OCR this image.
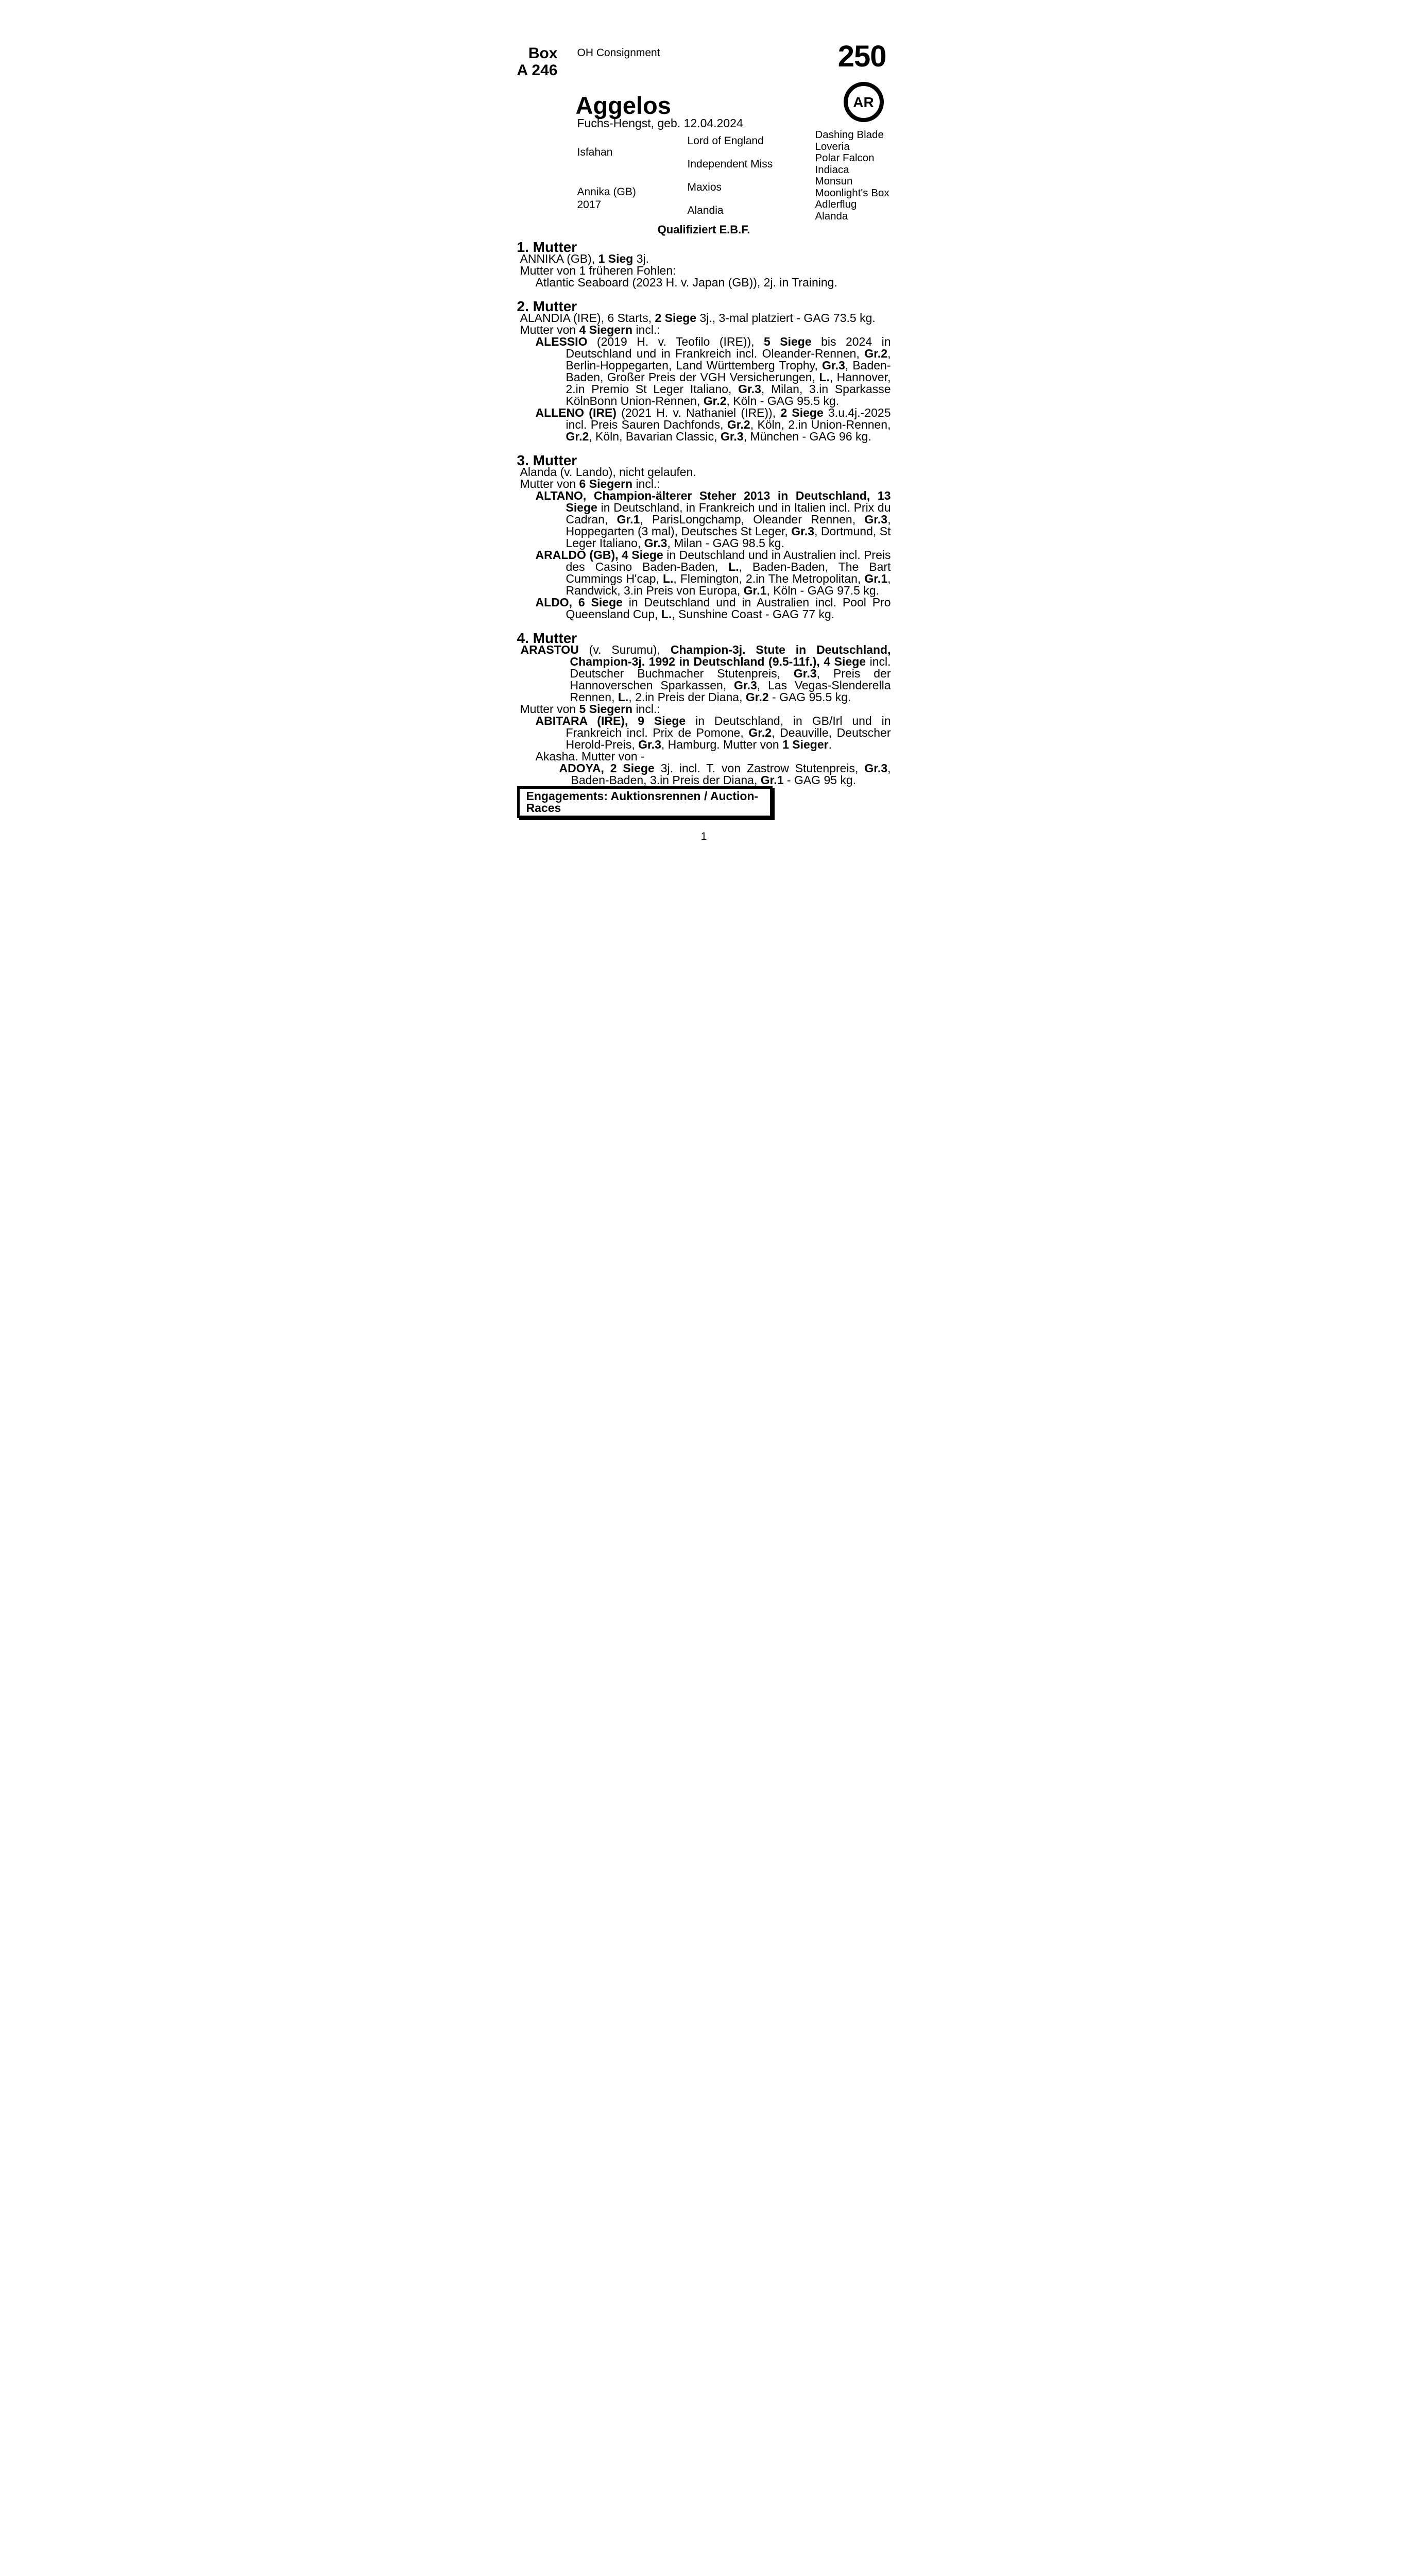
Box
A 246
OH Consignment	250
AR
Aggelos
Fuchs-Hengst, geb. 12.04.2024
Isfahan
Annika (GB)
2017
Lord of England
Independent Miss
Maxios
Alandia
Dashing Blade
Loveria
Polar Falcon
Indiaca
Monsun
Moonlight's Box
Adlerflug
Alanda
Qualifiziert E.B.F.

1. Mutter

ANNIKA (GB), 1 Sieg 3j.

Mutter von 1 früheren Fohlen:

Atlantic Seaboard (2023 H. v. Japan (GB)), 2j. in Training.

2. Mutter

ALANDIA (IRE), 6 Starts, 2 Siege 3j., 3-mal platziert - GAG 73.5 kg.

Mutter von 4 Siegern incl.:

ALESSIO (2019 H. v. Teofilo (IRE)), 5 Siege bis 2024 in Deutschland und in Frankreich incl. Oleander-Rennen, Gr.2, Berlin-Hoppegarten, Land Württemberg Trophy, Gr.3, Baden-Baden, Großer Preis der VGH Versicherungen, L., Hannover, 2.in Premio St Leger Italiano, Gr.3, Milan, 3.in Sparkasse KölnBonn Union-Rennen, Gr.2, Köln - GAG 95.5 kg.

ALLENO (IRE) (2021 H. v. Nathaniel (IRE)), 2 Siege 3.u.4j.-2025 incl. Preis Sauren Dachfonds, Gr.2, Köln, 2.in Union-Rennen, Gr.2, Köln, Bavarian Classic, Gr.3, München - GAG 96 kg.

3. Mutter

Alanda (v. Lando), nicht gelaufen.

Mutter von 6 Siegern incl.:

ALTANO, Champion-älterer Steher 2013 in Deutschland, 13 Siege in Deutschland, in Frankreich und in Italien incl. Prix du Cadran, Gr.1, ParisLongchamp, Oleander Rennen, Gr.3, Hoppegarten (3 mal), Deutsches St Leger, Gr.3, Dortmund, St Leger Italiano, Gr.3, Milan - GAG 98.5 kg.

ARALDO (GB), 4 Siege in Deutschland und in Australien incl. Preis des Casino Baden-Baden, L., Baden-Baden, The Bart Cummings H'cap, L., Flemington, 2.in The Metropolitan, Gr.1, Randwick, 3.in Preis von Europa, Gr.1, Köln - GAG 97.5 kg.

ALDO, 6 Siege in Deutschland und in Australien incl. Pool Pro Queensland Cup, L., Sunshine Coast - GAG 77 kg.

4. Mutter

ARASTOU (v. Surumu), Champion-3j. Stute in Deutschland, Champion-3j. 1992 in Deutschland (9.5-11f.), 4 Siege incl. Deutscher Buchmacher Stutenpreis, Gr.3, Preis der Hannoverschen Sparkassen, Gr.3, Las Vegas-Slenderella Rennen, L., 2.in Preis der Diana, Gr.2 - GAG 95.5 kg.

Mutter von 5 Siegern incl.:

ABITARA (IRE), 9 Siege in Deutschland, in GB/Irl und in Frankreich incl. Prix de Pomone, Gr.2, Deauville, Deutscher Herold-Preis, Gr.3, Hamburg. Mutter von 1 Sieger.

Akasha. Mutter von -

ADOYA, 2 Siege 3j. incl. T. von Zastrow Stutenpreis, Gr.3, Baden-Baden, 3.in Preis der Diana, Gr.1 - GAG 95 kg.

Engagements: Auktionsrennen / Auction-Races
1
